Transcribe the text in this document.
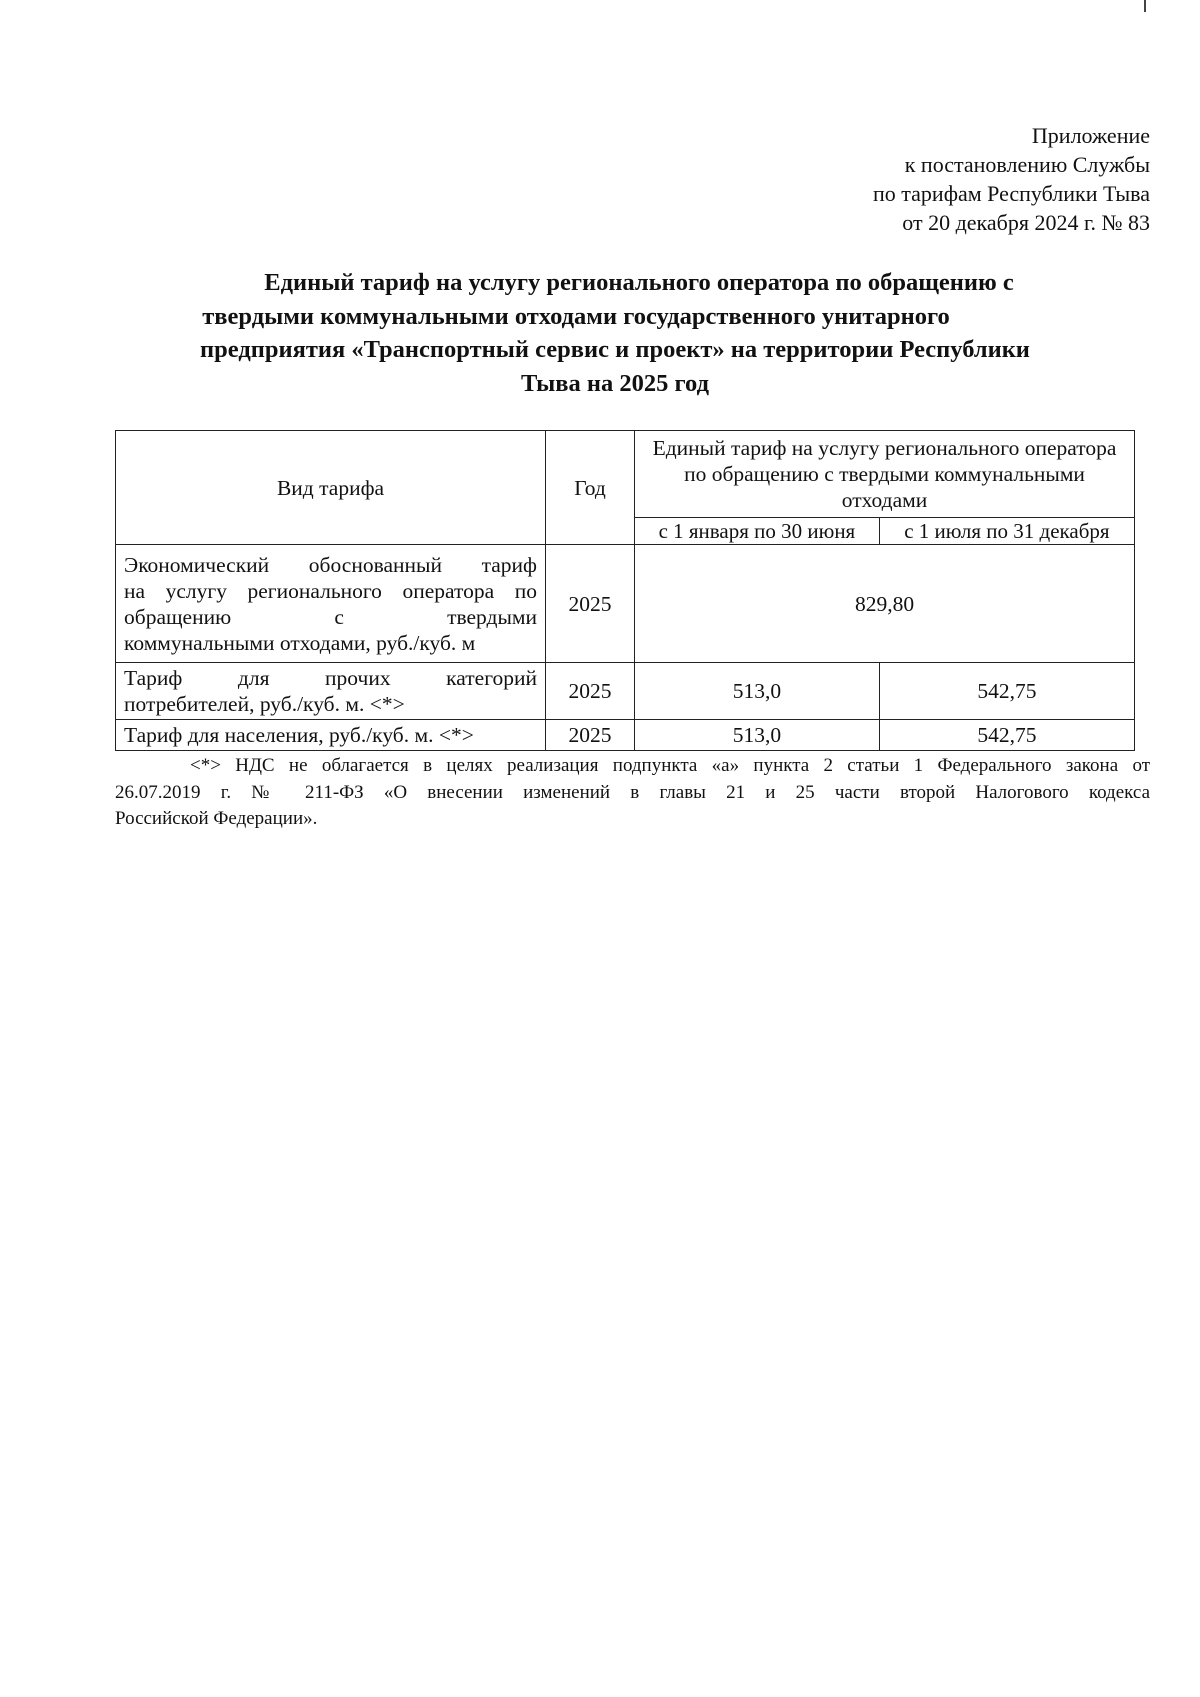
Приложение
к постановлению Службы
по тарифам Республики Тыва
от 20 декабря 2024 г. № 83
Единый тариф на услугу регионального оператора по обращению с
твердыми коммунальными отходами государственного унитарного
предприятия «Транспортный сервис и проект» на территории Республики
Тыва на 2025 год
Вид тарифа	Год	Единый тариф на услугу регионального оператора по обращению с твердыми коммунальными отходами	
		с 1 января по 30 июня	с 1 июля по 31 декабря

Экономический обоснованный тариф
на услугу регионального оператора по
обращению с твердыми
коммунальными отходами, руб./куб. м	2025	829,80	

Тариф для прочих категорий
потребителей, руб./куб. м. <*>	2025	513,0	542,75
Тариф для населения, руб./куб. м. <*>	2025	513,0	542,75
<*> НДС не облагается в целях реализация подпункта «а» пункта 2 статьи 1 Федерального закона от
26.07.2019 г. № 211-ФЗ «О внесении изменений в главы 21 и 25 части второй Налогового кодекса
Российской Федерации».
